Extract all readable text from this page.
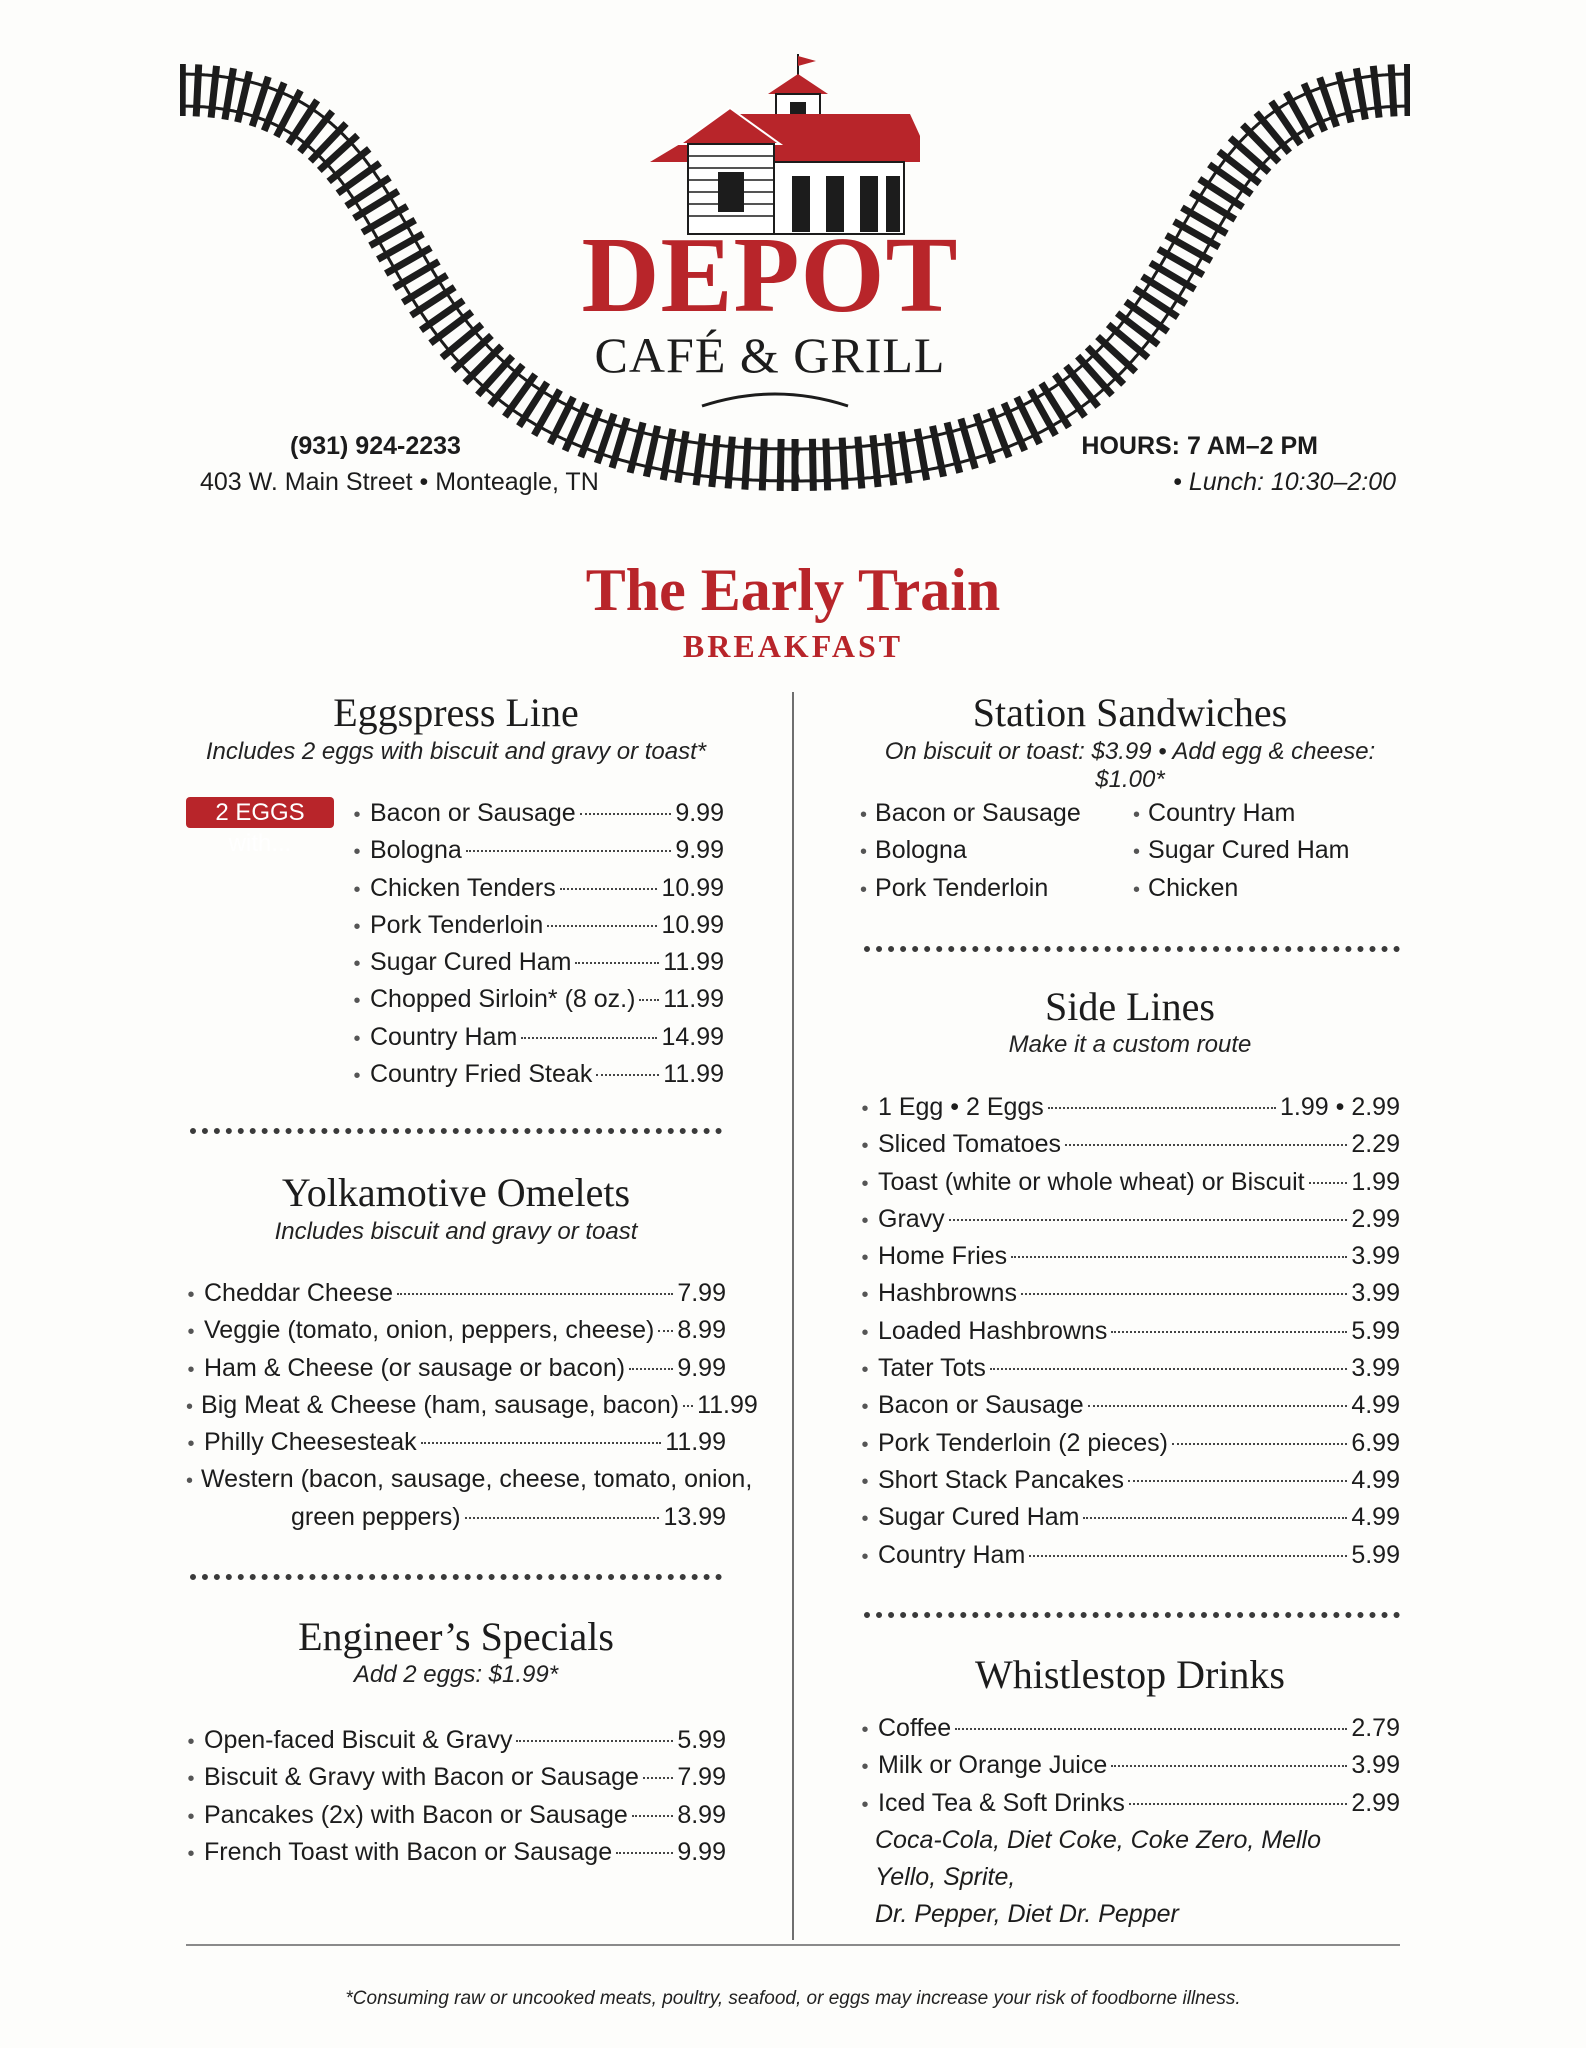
DEPOT
CAFÉ & GRILL
(931) 924-2233
403 W. Main Street • Monteagle, TN
HOURS: 7 AM–2 PM
• Lunch: 10:30–2:00
The Early Train
BREAKFAST
Eggspress Line
Includes 2 eggs with biscuit and gravy or toast*
2 EGGS with...
• Bacon or Sausage	9.99
• Bologna	9.99
• Chicken Tenders	10.99
• Pork Tenderloin	10.99
• Sugar Cured Ham	11.99
• Chopped Sirloin* (8 oz.) 11.99
• Country Ham	14.99
• Country Fried Steak	11.99
Yolkamotive Omelets
Includes biscuit and gravy or toast
• Cheddar Cheese	7.99
• Veggie (tomato, onion, peppers, cheese) 8.99
• Ham & Cheese (or sausage or bacon) 9.99
• Big Meat & Cheese (ham, sausage, bacon) 11.99
• Philly Cheesesteak	11.99
• Western (bacon, sausage, cheese, tomato, onion,
green peppers)	13.99
Engineer’s Specials
Add 2 eggs: $1.99*
• Open-faced Biscuit & Gravy	5.99
• Biscuit & Gravy with Bacon or Sausage 7.99
• Pancakes (2x) with Bacon or Sausage 8.99
• French Toast with Bacon or Sausage	9.99
Station Sandwiches
On biscuit or toast: $3.99 • Add egg & cheese: $1.00*
• Bacon or Sausage
• Bologna
• Pork Tenderloin
• Country Ham
• Sugar Cured Ham
• Chicken
Side Lines
Make it a custom route
• 1 Egg • 2 Eggs	1.99 • 2.99
• Sliced Tomatoes	2.29
• Toast (white or whole wheat) or Biscuit 1.99
• Gravy	2.99
• Home Fries	3.99
• Hashbrowns	3.99
• Loaded Hashbrowns	5.99
• Tater Tots	3.99
• Bacon or Sausage	4.99
• Pork Tenderloin (2 pieces)	6.99
• Short Stack Pancakes	4.99
• Sugar Cured Ham	4.99
• Country Ham	5.99
Whistlestop Drinks
• Coffee	2.79
• Milk or Orange Juice	3.99
• Iced Tea & Soft Drinks	2.99
Coca-Cola, Diet Coke, Coke Zero, Mello Yello, Sprite,
Dr. Pepper, Diet Dr. Pepper
*Consuming raw or uncooked meats, poultry, seafood, or eggs may increase your risk of foodborne illness.
